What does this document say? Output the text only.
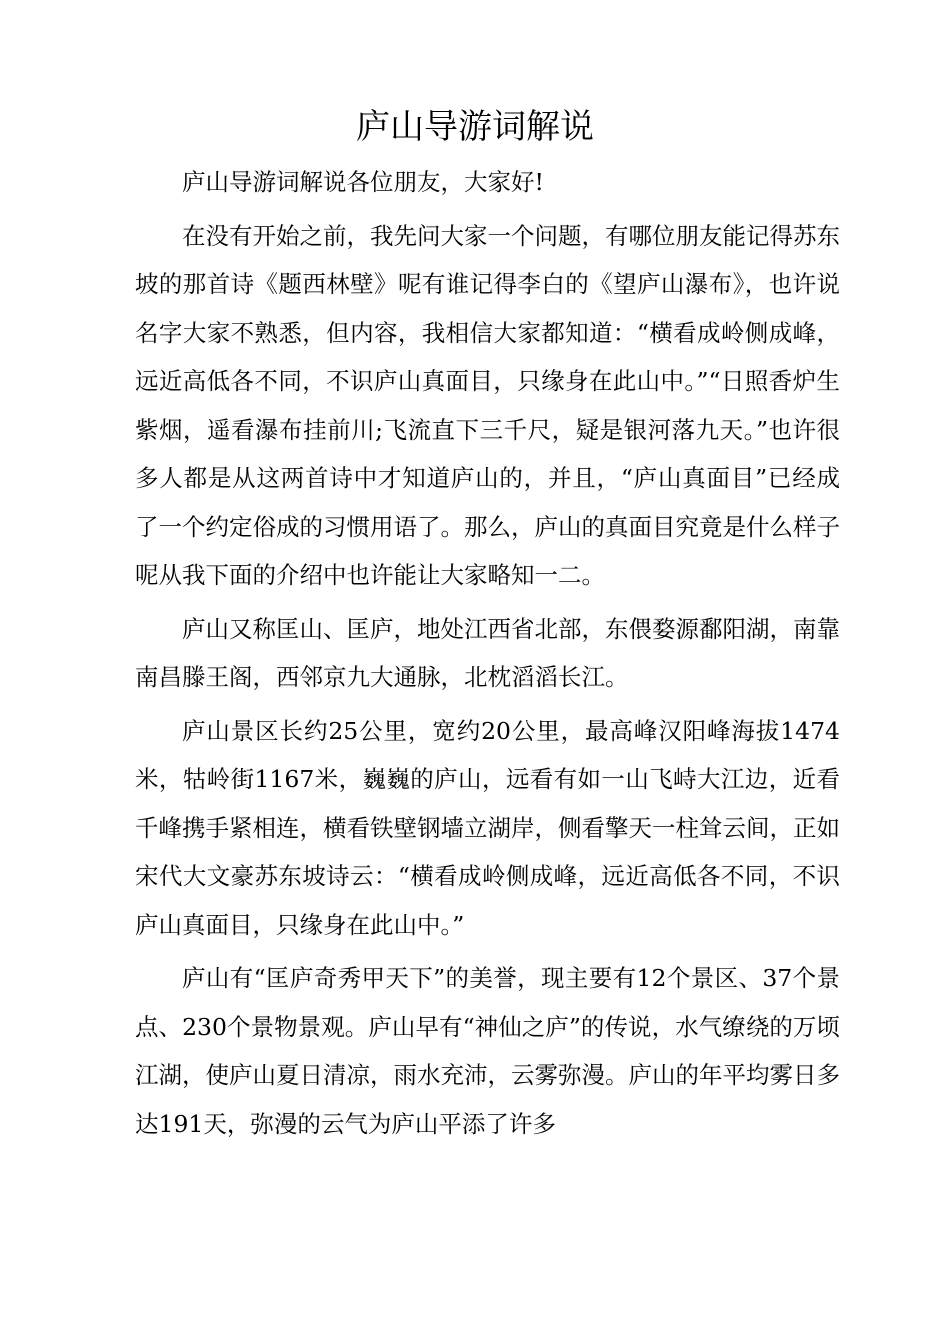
庐山导游词解说

庐山导游词解说各位朋友，大家好!

在没有开始之前，我先问大家一个问题，有哪位朋友能记得苏东坡的那首诗《题西林壁》呢有谁记得李白的《望庐山瀑布》，也许说名字大家不熟悉，但内容，我相信大家都知道：“横看成岭侧成峰，远近高低各不同，不识庐山真面目，只缘身在此山中。”“日照香炉生紫烟，遥看瀑布挂前川;飞流直下三千尺，疑是银河落九天。”也许很多人都是从这两首诗中才知道庐山的，并且，“庐山真面目”已经成了一个约定俗成的习惯用语了。那么，庐山的真面目究竟是什么样子呢从我下面的介绍中也许能让大家略知一二。

庐山又称匡山、匡庐，地处江西省北部，东偎婺源鄱阳湖，南靠南昌滕王阁，西邻京九大通脉，北枕滔滔长江。

庐山景区长约25公里，宽约20公里，最高峰汉阳峰海拔1474米，牯岭街1167米，巍巍的庐山，远看有如一山飞峙大江边，近看千峰携手紧相连，横看铁壁钢墙立湖岸，侧看擎天一柱耸云间，正如宋代大文豪苏东坡诗云：“横看成岭侧成峰，远近高低各不同，不识庐山真面目，只缘身在此山中。”

庐山有“匡庐奇秀甲天下”的美誉，现主要有12个景区、37个景点、230个景物景观。庐山早有“神仙之庐”的传说，水气缭绕的万顷江湖，使庐山夏日清凉，雨水充沛，云雾弥漫。庐山的年平均雾日多达191天，弥漫的云气为庐山平添了许多
